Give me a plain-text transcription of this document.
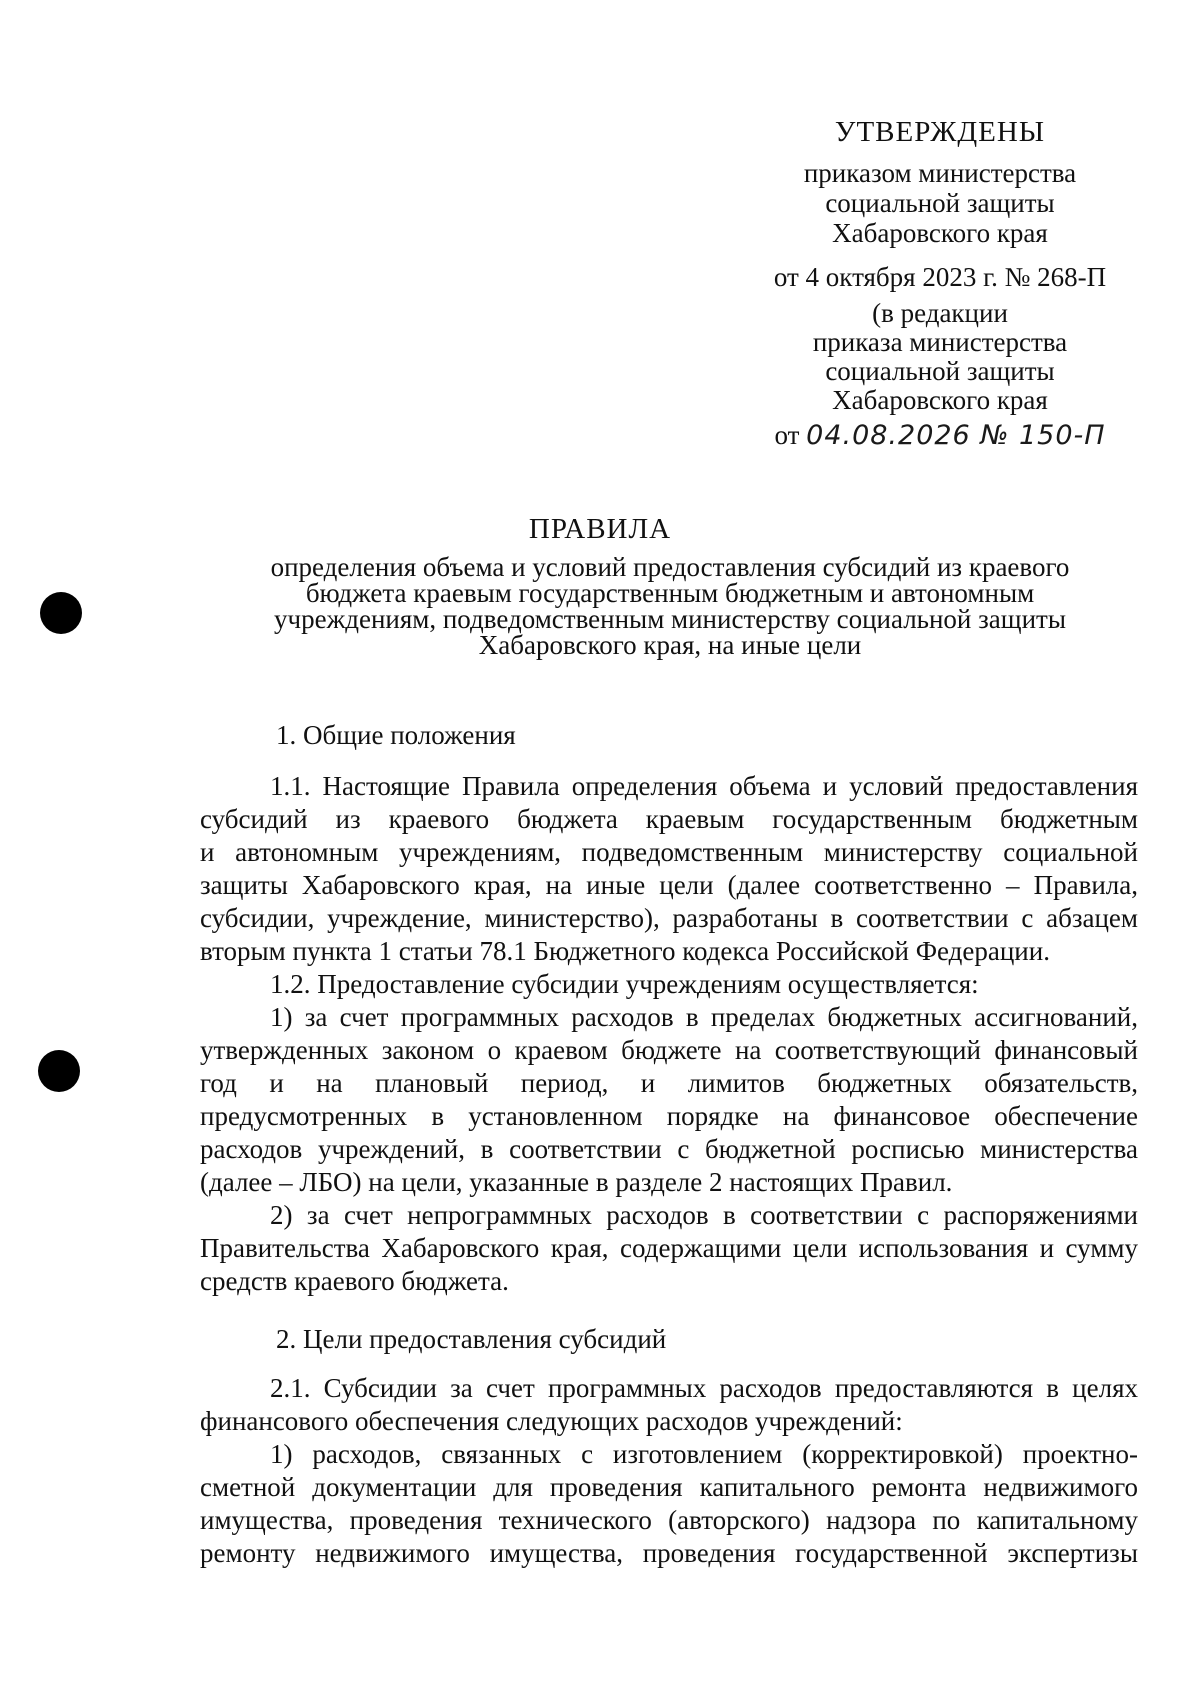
УТВЕРЖДЕНЫ
приказом министерства
социальной защиты
Хабаровского края
от 4 октября 2023 г. № 268-П
(в редакции
приказа министерства
социальной защиты
Хабаровского края
от 04.08.2026 № 150-П
ПРАВИЛА
определения объема и условий предоставления субсидий из краевого
бюджета краевым государственным бюджетным и автономным
учреждениям, подведомственным министерству социальной защиты
Хабаровского края, на иные цели
1. Общие положения
1.1. Настоящие Правила определения объема и условий предоставления
субсидий из краевого бюджета краевым государственным бюджетным
и автономным учреждениям, подведомственным министерству социальной
защиты Хабаровского края, на иные цели (далее соответственно – Правила,
субсидии, учреждение, министерство), разработаны в соответствии с абзацем
вторым пункта 1 статьи 78.1 Бюджетного кодекса Российской Федерации.
1.2. Предоставление субсидии учреждениям осуществляется:
1) за счет программных расходов в пределах бюджетных ассигнований,
утвержденных законом о краевом бюджете на соответствующий финансовый
год и на плановый период, и лимитов бюджетных обязательств,
предусмотренных в установленном порядке на финансовое обеспечение
расходов учреждений, в соответствии с бюджетной росписью министерства
(далее – ЛБО) на цели, указанные в разделе 2 настоящих Правил.
2) за счет непрограммных расходов в соответствии с распоряжениями
Правительства Хабаровского края, содержащими цели использования и сумму
средств краевого бюджета.
2. Цели предоставления субсидий
2.1. Субсидии за счет программных расходов предоставляются в целях
финансового обеспечения следующих расходов учреждений:
1) расходов, связанных с изготовлением (корректировкой) проектно-
сметной документации для проведения капитального ремонта недвижимого
имущества, проведения технического (авторского) надзора по капитальному
ремонту недвижимого имущества, проведения государственной экспертизы
